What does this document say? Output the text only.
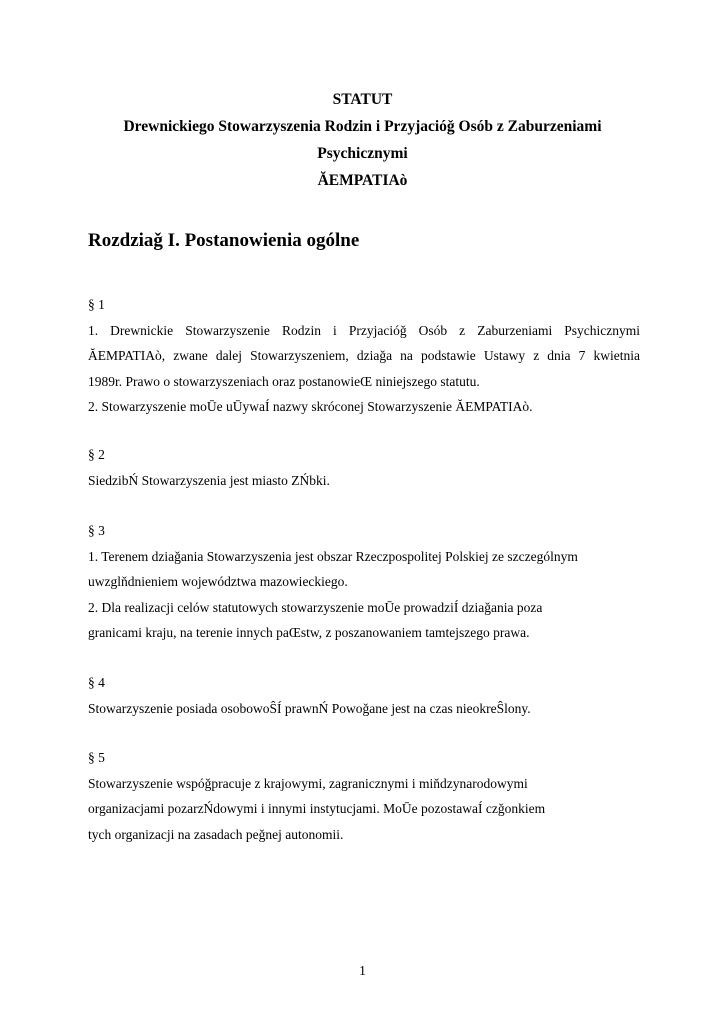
STATUT
Drewnickiego Stowarzyszenia Rodzin i Przyjacióǧ Osób z Zaburzeniami
Psychicznymi
ĂEMPATIAò
Rozdziaǧ I. Postanowienia ogólne
§ 1
1. Drewnickie Stowarzyszenie Rodzin i Przyjacióǧ Osób z Zaburzeniami Psychicznymi
ĂEMPATIAò, zwane dalej Stowarzyszeniem, dziaǧa na podstawie Ustawy z dnia 7 kwietnia
1989r. Prawo o stowarzyszeniach oraz postanowieŒ niniejszego statutu.
2. Stowarzyszenie moŪe uŪywaÍ nazwy skróconej Stowarzyszenie ĂEMPATIAò.
§ 2
SiedzibŃ Stowarzyszenia jest miasto ZŃbki.
§ 3
1. Terenem dziaǧania Stowarzyszenia jest obszar Rzeczpospolitej Polskiej ze szczególnym
uwzglňdnieniem województwa mazowieckiego.
2. Dla realizacji celów statutowych stowarzyszenie moŪe prowadziÍ dziaǧania poza
granicami kraju, na terenie innych paŒstw, z poszanowaniem tamtejszego prawa.
§ 4
Stowarzyszenie posiada osobowoŜÍ prawnŃ Powoǧane jest na czas nieokreŜlony.
§ 5
Stowarzyszenie wspóǧpracuje z krajowymi, zagranicznymi i miňdzynarodowymi
organizacjami pozarzŃdowymi i innymi instytucjami. MoŪe pozostawaÍ czǧonkiem
tych organizacji na zasadach peǧnej autonomii.
1
